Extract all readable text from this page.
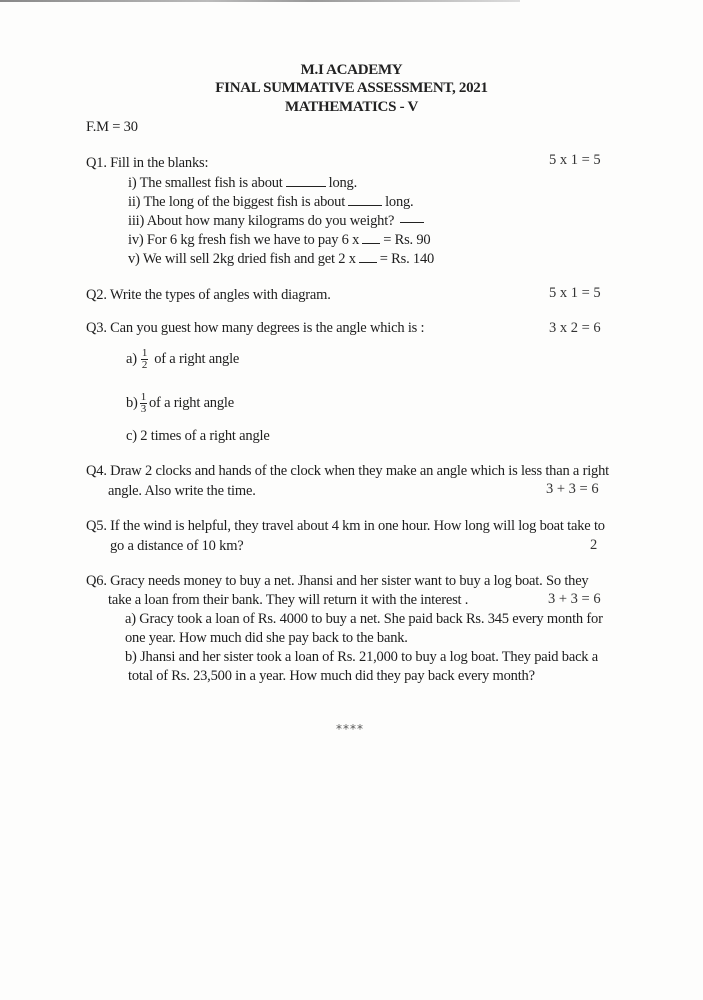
M.I ACADEMY
FINAL SUMMATIVE ASSESSMENT, 2021
MATHEMATICS - V
F.M = 30
Q1. Fill in the blanks:	5 x 1 = 5
i) The smallest fish is about	long.
ii) The long of the biggest fish is about	long.
iii) About how many kilograms do you weight?
iv) For 6 kg fresh fish we have to pay 6 x = Rs. 90
v) We will sell 2kg dried fish and get 2 x = Rs. 140
Q2. Write the types of angles with diagram.	5 x 1 = 5
Q3. Can you guest how many degrees is the angle which is :	3 x 2 = 6
$a) \frac{1}{2}$ of a right angle
$b) \frac{1}{3}$ of a right angle
c) 2 times of a right angle
Q4. Draw 2 clocks and hands of the clock when they make an angle which is less than a right
angle. Also write the time.	3 + 3 = 6
Q5. If the wind is helpful, they travel about 4 km in one hour. How long will log boat take to
go a distance of 10 km?	2
Q6. Gracy needs money to buy a net. Jhansi and her sister want to buy a log boat. So they
take a loan from their bank. They will return it with the interest .	3 + 3 = 6
a) Gracy took a loan of Rs. 4000 to buy a net. She paid back Rs. 345 every month for
one year. How much did she pay back to the bank.
b) Jhansi and her sister took a loan of Rs. 21,000 to buy a log boat. They paid back a
total of Rs. 23,500 in a year. How much did they pay back every month?
****
